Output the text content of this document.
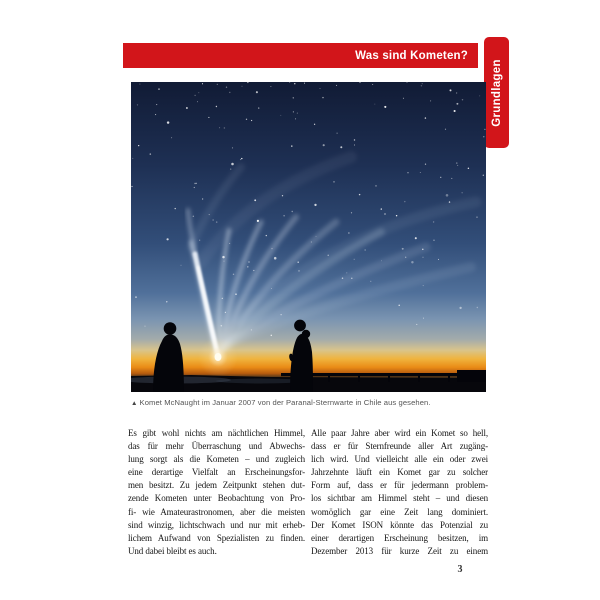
Was sind Kometen?
Grundlagen
▲ Komet McNaught im Januar 2007 von der Paranal-Sternwarte in Chile aus gesehen.
Es gibt wohl nichts am nächtlichen Himmel,
das für mehr Überraschung und Abwechs-
lung sorgt als die Kometen – und zugleich
eine derartige Vielfalt an Erscheinungsfor-
men besitzt. Zu jedem Zeitpunkt stehen dut-
zende Kometen unter Beobachtung von Pro-
fi- wie Amateurastronomen, aber die meisten
sind winzig, lichtschwach und nur mit erheb-
lichem Aufwand von Spezialisten zu finden.
Und dabei bleibt es auch.
Alle paar Jahre aber wird ein Komet so hell,
dass er für Sternfreunde aller Art zugäng-
lich wird. Und vielleicht alle ein oder zwei
Jahrzehnte läuft ein Komet gar zu solcher
Form auf, dass er für jedermann problem-
los sichtbar am Himmel steht – und diesen
womöglich gar eine Zeit lang dominiert.
Der Komet ISON könnte das Potenzial zu
einer derartigen Erscheinung besitzen, im
Dezember 2013 für kurze Zeit zu einem
3
